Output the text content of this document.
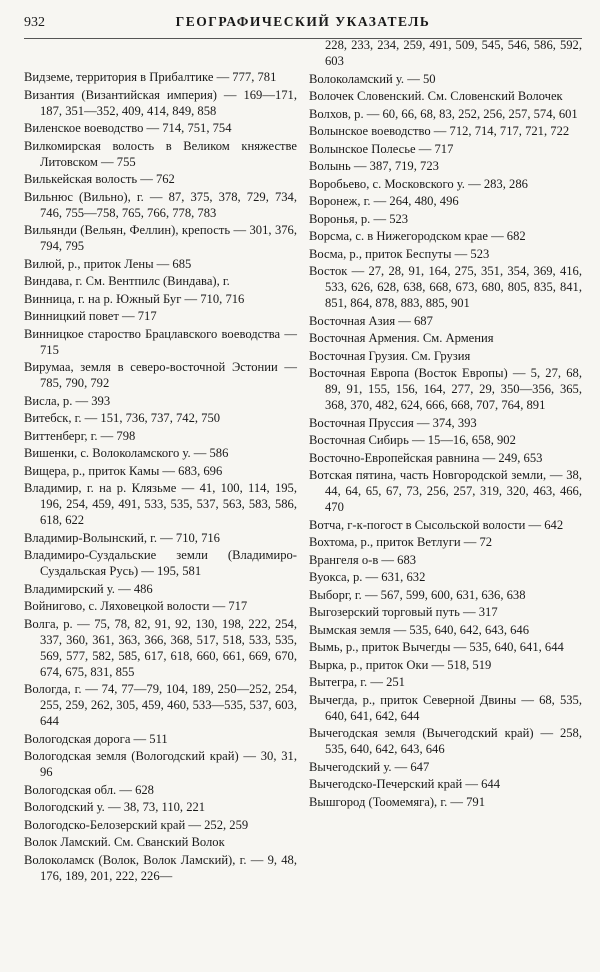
932	ГЕОГРАФИЧЕСКИЙ УКАЗАТЕЛЬ
Видземе, территория в Прибалтике — 777, 781
Византия (Византийская империя) — 169—171, 187, 351—352, 409, 414, 849, 858
Виленское воеводство — 714, 751, 754
Вилкомирская волость в Великом княжестве Литовском — 755
Вилькейская волость — 762
Вильнюс (Вильно), г. — 87, 375, 378, 729, 734, 746, 755—758, 765, 766, 778, 783
Вильянди (Вельян, Феллин), крепость — 301, 376, 794, 795
Вилюй, р., приток Лены — 685
Виндава, г. См. Вентпилс (Виндава), г.
Винница, г. на р. Южный Буг — 710, 716
Винницкий повет — 717
Винницкое староство Брацлавского воеводства — 715
Вирумаа, земля в северо-восточной Эстонии — 785, 790, 792
Висла, р. — 393
Витебск, г. — 151, 736, 737, 742, 750
Виттенберг, г. — 798
Вишенки, с. Волоколамского у. — 586
Вищера, р., приток Камы — 683, 696
Владимир, г. на р. Клязьме — 41, 100, 114, 195, 196, 254, 459, 491, 533, 535, 537, 563, 583, 586, 618, 622
Владимир-Волынский, г. — 710, 716
Владимиро-Суздальские земли (Владимиро-Суздальская Русь) — 195, 581
Владимирский у. — 486
Войнигово, с. Ляховецкой волости — 717
Волга, р. — 75, 78, 82, 91, 92, 130, 198, 222, 254, 337, 360, 361, 363, 366, 368, 517, 518, 533, 535, 569, 577, 582, 585, 617, 618, 660, 661, 669, 670, 674, 675, 831, 855
Вологда, г. — 74, 77—79, 104, 189, 250—252, 254, 255, 259, 262, 305, 459, 460, 533—535, 537, 603, 644
Вологодская дорога — 511
Вологодская земля (Вологодский край) — 30, 31, 96
Вологодская обл. — 628
Вологодский у. — 38, 73, 110, 221
Вологодско-Белозерский край — 252, 259
Волок Ламский. См. Сванский Волок
Волоколамск (Волок, Волок Ламский), г. — 9, 48, 176, 189, 201, 222, 226—
228, 233, 234, 259, 491, 509, 545, 546, 586, 592, 603
Волоколамский у. — 50
Волочек Словенский. См. Словенский Волочек
Волхов, р. — 60, 66, 68, 83, 252, 256, 257, 574, 601
Волынское воеводство — 712, 714, 717, 721, 722
Волынское Полесье — 717
Волынь — 387, 719, 723
Воробьево, с. Московского у. — 283, 286
Воронеж, г. — 264, 480, 496
Воронья, р. — 523
Ворсма, с. в Нижегородском крае — 682
Восма, р., приток Беспуты — 523
Восток — 27, 28, 91, 164, 275, 351, 354, 369, 416, 533, 626, 628, 638, 668, 673, 680, 805, 835, 841, 851, 864, 878, 883, 885, 901
Восточная Азия — 687
Восточная Армения. См. Армения
Восточная Грузия. См. Грузия
Восточная Европа (Восток Европы) — 5, 27, 68, 89, 91, 155, 156, 164, 277, 29, 350—356, 365, 368, 370, 482, 624, 666, 668, 707, 764, 891
Восточная Пруссия — 374, 393
Восточная Сибирь — 15—16, 658, 902
Восточно-Европейская равнина — 249, 653
Вотская пятина, часть Новгородской земли, — 38, 44, 64, 65, 67, 73, 256, 257, 319, 320, 463, 466, 470
Вотча, г-к-погост в Сысольской волости — 642
Вохтома, р., приток Ветлуги — 72
Врангеля о-в — 683
Вуокса, р. — 631, 632
Выборг, г. — 567, 599, 600, 631, 636, 638
Выгозерский торговый путь — 317
Вымская земля — 535, 640, 642, 643, 646
Вымь, р., приток Вычегды — 535, 640, 641, 644
Вырка, р., приток Оки — 518, 519
Вытегра, г. — 251
Вычегда, р., приток Северной Двины — 68, 535, 640, 641, 642, 644
Вычегодская земля (Вычегодский край) — 258, 535, 640, 642, 643, 646
Вычегодский у. — 647
Вычегодско-Печерский край — 644
Вышгород (Тоомемяга), г. — 791
